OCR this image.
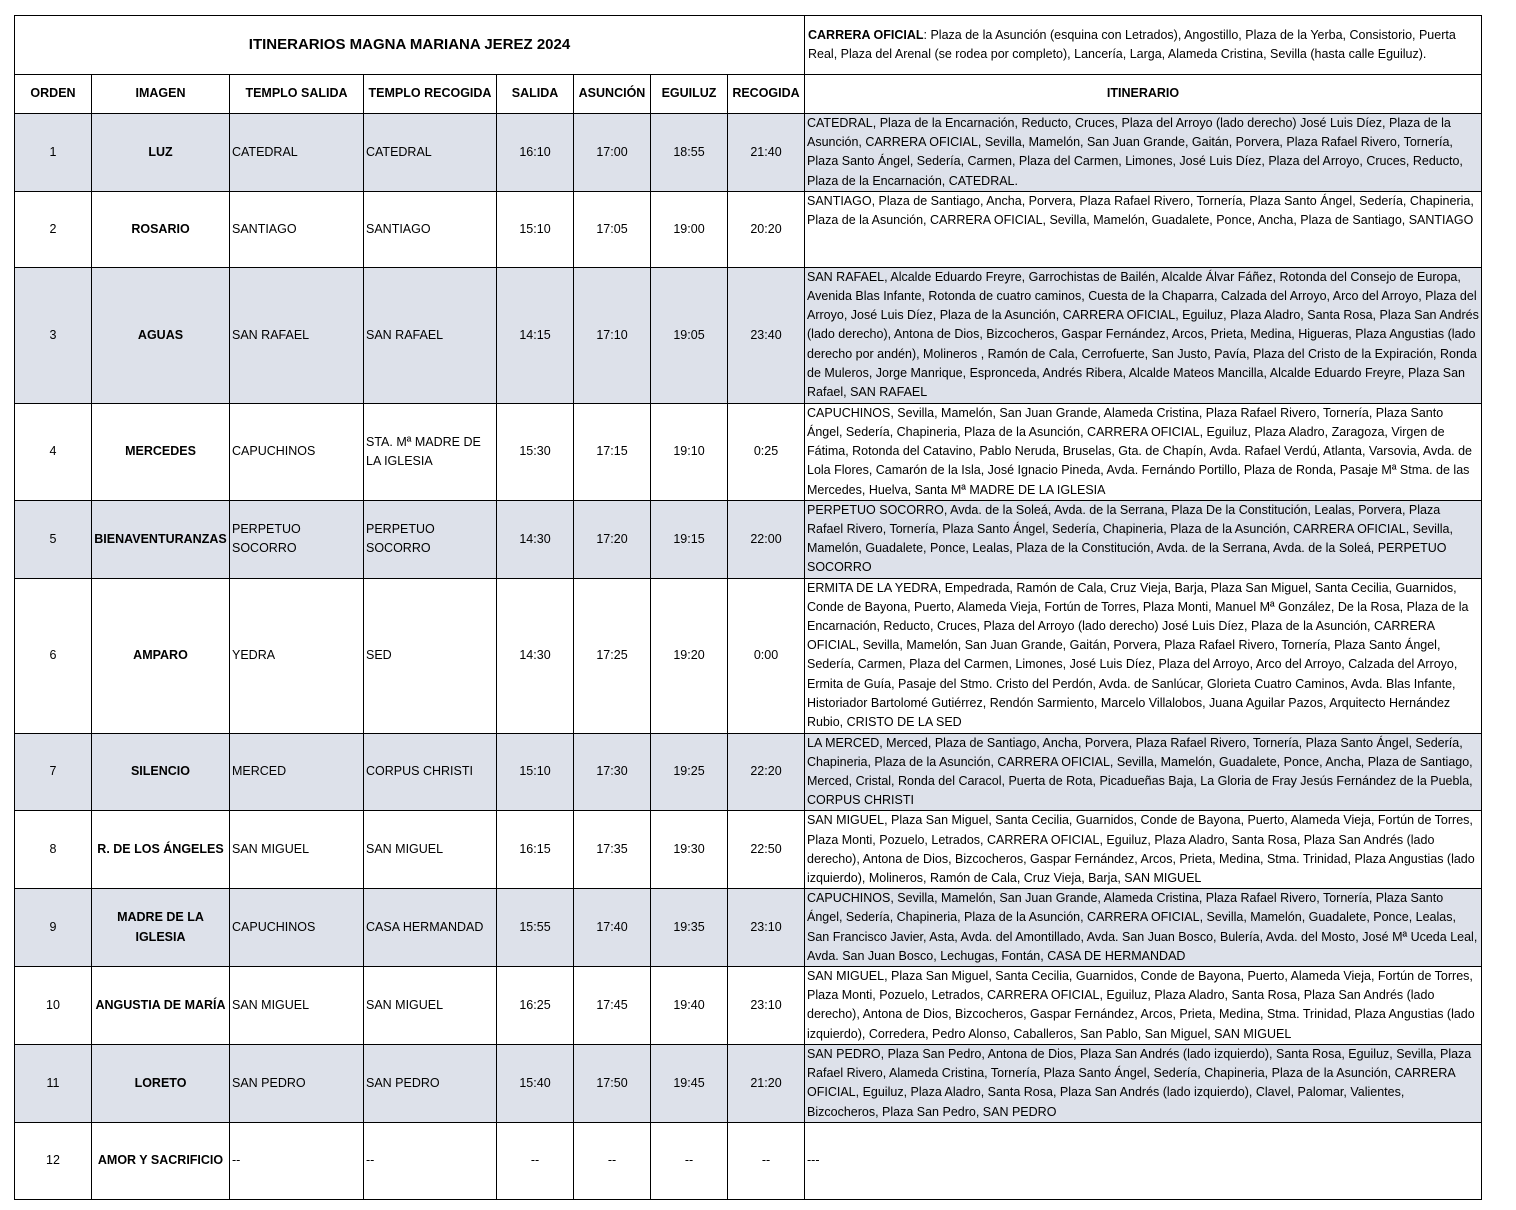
ITINERARIOS MAGNA MARIANA JEREZ 2024								CARRERA OFICIAL: Plaza de la Asunción (esquina con Letrados), Angostillo, Plaza de la Yerba, Consistorio, Puerta Real, Plaza del Arenal (se rodea por completo), Lancería, Larga, Alameda Cristina, Sevilla (hasta calle Eguiluz).
ORDEN	IMAGEN	TEMPLO SALIDA	TEMPLO RECOGIDA	SALIDA	ASUNCIÓN	EGUILUZ	RECOGIDA	ITINERARIO
1	LUZ	CATEDRAL	CATEDRAL	16:10	17:00	18:55	21:40	CATEDRAL, Plaza de la Encarnación, Reducto, Cruces, Plaza del Arroyo (lado derecho) José Luis Díez, Plaza de la Asunción, CARRERA OFICIAL, Sevilla, Mamelón, San Juan Grande, Gaitán, Porvera, Plaza Rafael Rivero, Tornería, Plaza Santo Ángel, Sedería, Carmen, Plaza del Carmen, Limones, José Luis Díez, Plaza del Arroyo, Cruces, Reducto, Plaza de la Encarnación, CATEDRAL.
2	ROSARIO	SANTIAGO	SANTIAGO	15:10	17:05	19:00	20:20	SANTIAGO, Plaza de Santiago, Ancha, Porvera, Plaza Rafael Rivero, Tornería, Plaza Santo Ángel, Sedería, Chapineria, Plaza de la Asunción, CARRERA OFICIAL, Sevilla, Mamelón, Guadalete, Ponce, Ancha, Plaza de Santiago, SANTIAGO
3	AGUAS	SAN RAFAEL	SAN RAFAEL	14:15	17:10	19:05	23:40	SAN RAFAEL, Alcalde Eduardo Freyre, Garrochistas de Bailén, Alcalde Álvar Fáñez, Rotonda del Consejo de Europa, Avenida Blas Infante, Rotonda de cuatro caminos, Cuesta de la Chaparra, Calzada del Arroyo, Arco del Arroyo, Plaza del Arroyo, José Luis Díez, Plaza de la Asunción, CARRERA OFICIAL, Eguiluz, Plaza Aladro, Santa Rosa, Plaza San Andrés (lado derecho), Antona de Dios, Bizcocheros, Gaspar Fernández, Arcos, Prieta, Medina, Higueras, Plaza Angustias (lado derecho por andén), Molineros , Ramón de Cala, Cerrofuerte, San Justo, Pavía, Plaza del Cristo de la Expiración, Ronda de Muleros, Jorge Manrique, Espronceda, Andrés Ribera, Alcalde Mateos Mancilla, Alcalde Eduardo Freyre, Plaza San Rafael, SAN RAFAEL
4	MERCEDES	CAPUCHINOS	STA. Mª MADRE DE LA IGLESIA	15:30	17:15	19:10	0:25	CAPUCHINOS, Sevilla, Mamelón, San Juan Grande, Alameda Cristina, Plaza Rafael Rivero, Tornería, Plaza Santo Ángel, Sedería, Chapineria, Plaza de la Asunción, CARRERA OFICIAL, Eguiluz, Plaza Aladro, Zaragoza, Virgen de Fátima, Rotonda del Catavino, Pablo Neruda, Bruselas, Gta. de Chapín, Avda. Rafael Verdú, Atlanta, Varsovia, Avda. de Lola Flores, Camarón de la Isla, José Ignacio Pineda, Avda. Fernándo Portillo, Plaza de Ronda, Pasaje Mª Stma. de las Mercedes, Huelva, Santa Mª MADRE DE LA IGLESIA
5	BIENAVENTURANZAS	PERPETUO SOCORRO	PERPETUO SOCORRO	14:30	17:20	19:15	22:00	PERPETUO SOCORRO, Avda. de la Soleá, Avda. de la Serrana, Plaza De la Constitución, Lealas, Porvera, Plaza Rafael Rivero, Tornería, Plaza Santo Ángel, Sedería, Chapineria, Plaza de la Asunción, CARRERA OFICIAL, Sevilla, Mamelón, Guadalete, Ponce, Lealas, Plaza de la Constitución, Avda. de la Serrana, Avda. de la Soleá, PERPETUO SOCORRO
6	AMPARO	YEDRA	SED	14:30	17:25	19:20	0:00	ERMITA DE LA YEDRA, Empedrada, Ramón de Cala, Cruz Vieja, Barja, Plaza San Miguel, Santa Cecilia, Guarnidos, Conde de Bayona, Puerto, Alameda Vieja, Fortún de Torres, Plaza Monti, Manuel Mª González, De la Rosa, Plaza de la Encarnación, Reducto, Cruces, Plaza del Arroyo (lado derecho) José Luis Díez, Plaza de la Asunción, CARRERA OFICIAL, Sevilla, Mamelón, San Juan Grande, Gaitán, Porvera, Plaza Rafael Rivero, Tornería, Plaza Santo Ángel, Sedería, Carmen, Plaza del Carmen, Limones, José Luis Díez, Plaza del Arroyo, Arco del Arroyo, Calzada del Arroyo, Ermita de Guía, Pasaje del Stmo. Cristo del Perdón, Avda. de Sanlúcar, Glorieta Cuatro Caminos, Avda. Blas Infante, Historiador Bartolomé Gutiérrez, Rendón Sarmiento, Marcelo Villalobos, Juana Aguilar Pazos, Arquitecto Hernández Rubio, CRISTO DE LA SED
7	SILENCIO	MERCED	CORPUS CHRISTI	15:10	17:30	19:25	22:20	LA MERCED, Merced, Plaza de Santiago, Ancha, Porvera, Plaza Rafael Rivero, Tornería, Plaza Santo Ángel, Sedería, Chapineria, Plaza de la Asunción, CARRERA OFICIAL, Sevilla, Mamelón, Guadalete, Ponce, Ancha, Plaza de Santiago, Merced, Cristal, Ronda del Caracol, Puerta de Rota, Picadueñas Baja, La Gloria de Fray Jesús Fernández de la Puebla, CORPUS CHRISTI
8	R. DE LOS ÁNGELES	SAN MIGUEL	SAN MIGUEL	16:15	17:35	19:30	22:50	SAN MIGUEL, Plaza San Miguel, Santa Cecilia, Guarnidos, Conde de Bayona, Puerto, Alameda Vieja, Fortún de Torres, Plaza Monti, Pozuelo, Letrados, CARRERA OFICIAL, Eguiluz, Plaza Aladro, Santa Rosa, Plaza San Andrés (lado derecho), Antona de Dios, Bizcocheros, Gaspar Fernández, Arcos, Prieta, Medina, Stma. Trinidad, Plaza Angustias (lado izquierdo), Molineros, Ramón de Cala, Cruz Vieja, Barja, SAN MIGUEL
9	MADRE DE LA IGLESIA	CAPUCHINOS	CASA HERMANDAD	15:55	17:40	19:35	23:10	CAPUCHINOS, Sevilla, Mamelón, San Juan Grande, Alameda Cristina, Plaza Rafael Rivero, Tornería, Plaza Santo Ángel, Sedería, Chapineria, Plaza de la Asunción, CARRERA OFICIAL, Sevilla, Mamelón, Guadalete, Ponce, Lealas, San Francisco Javier, Asta, Avda. del Amontillado, Avda. San Juan Bosco, Bulería, Avda. del Mosto, José Mª Uceda Leal, Avda. San Juan Bosco, Lechugas, Fontán, CASA DE HERMANDAD
10	ANGUSTIA DE MARÍA	SAN MIGUEL	SAN MIGUEL	16:25	17:45	19:40	23:10	SAN MIGUEL, Plaza San Miguel, Santa Cecilia, Guarnidos, Conde de Bayona, Puerto, Alameda Vieja, Fortún de Torres, Plaza Monti, Pozuelo, Letrados, CARRERA OFICIAL, Eguiluz, Plaza Aladro, Santa Rosa, Plaza San Andrés (lado derecho), Antona de Dios, Bizcocheros, Gaspar Fernández, Arcos, Prieta, Medina, Stma. Trinidad, Plaza Angustias (lado izquierdo), Corredera, Pedro Alonso, Caballeros, San Pablo, San Miguel, SAN MIGUEL
11	LORETO	SAN PEDRO	SAN PEDRO	15:40	17:50	19:45	21:20	SAN PEDRO, Plaza San Pedro, Antona de Dios, Plaza San Andrés (lado izquierdo), Santa Rosa, Eguiluz, Sevilla, Plaza Rafael Rivero, Alameda Cristina, Tornería, Plaza Santo Ángel, Sedería, Chapineria, Plaza de la Asunción, CARRERA OFICIAL, Eguiluz, Plaza Aladro, Santa Rosa, Plaza San Andrés (lado izquierdo), Clavel, Palomar, Valientes, Bizcocheros, Plaza San Pedro, SAN PEDRO
12	AMOR Y SACRIFICIO	--	--	--	--	--	--	---
